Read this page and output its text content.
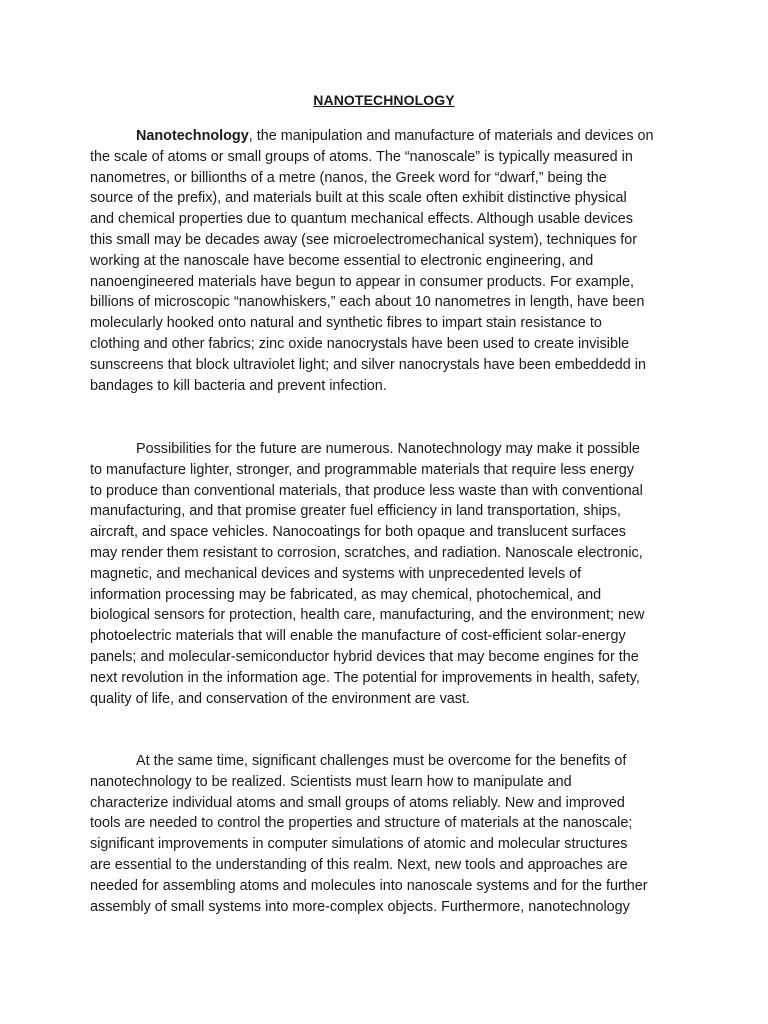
NANOTECHNOLOGY
Nanotechnology, the manipulation and manufacture of materials and devices on
the scale of atoms or small groups of atoms. The “nanoscale” is typically measured in
nanometres, or billionths of a metre (nanos, the Greek word for “dwarf,” being the
source of the prefix), and materials built at this scale often exhibit distinctive physical
and chemical properties due to quantum mechanical effects. Although usable devices
this small may be decades away (see microelectromechanical system), techniques for
working at the nanoscale have become essential to electronic engineering, and
nanoengineered materials have begun to appear in consumer products. For example,
billions of microscopic “nanowhiskers,” each about 10 nanometres in length, have been
molecularly hooked onto natural and synthetic fibres to impart stain resistance to
clothing and other fabrics; zinc oxide nanocrystals have been used to create invisible
sunscreens that block ultraviolet light; and silver nanocrystals have been embeddedd in
bandages to kill bacteria and prevent infection.
Possibilities for the future are numerous. Nanotechnology may make it possible
to manufacture lighter, stronger, and programmable materials that require less energy
to produce than conventional materials, that produce less waste than with conventional
manufacturing, and that promise greater fuel efficiency in land transportation, ships,
aircraft, and space vehicles. Nanocoatings for both opaque and translucent surfaces
may render them resistant to corrosion, scratches, and radiation. Nanoscale electronic,
magnetic, and mechanical devices and systems with unprecedented levels of
information processing may be fabricated, as may chemical, photochemical, and
biological sensors for protection, health care, manufacturing, and the environment; new
photoelectric materials that will enable the manufacture of cost-efficient solar-energy
panels; and molecular-semiconductor hybrid devices that may become engines for the
next revolution in the information age. The potential for improvements in health, safety,
quality of life, and conservation of the environment are vast.
At the same time, significant challenges must be overcome for the benefits of
nanotechnology to be realized. Scientists must learn how to manipulate and
characterize individual atoms and small groups of atoms reliably. New and improved
tools are needed to control the properties and structure of materials at the nanoscale;
significant improvements in computer simulations of atomic and molecular structures
are essential to the understanding of this realm. Next, new tools and approaches are
needed for assembling atoms and molecules into nanoscale systems and for the further
assembly of small systems into more-complex objects. Furthermore, nanotechnology
